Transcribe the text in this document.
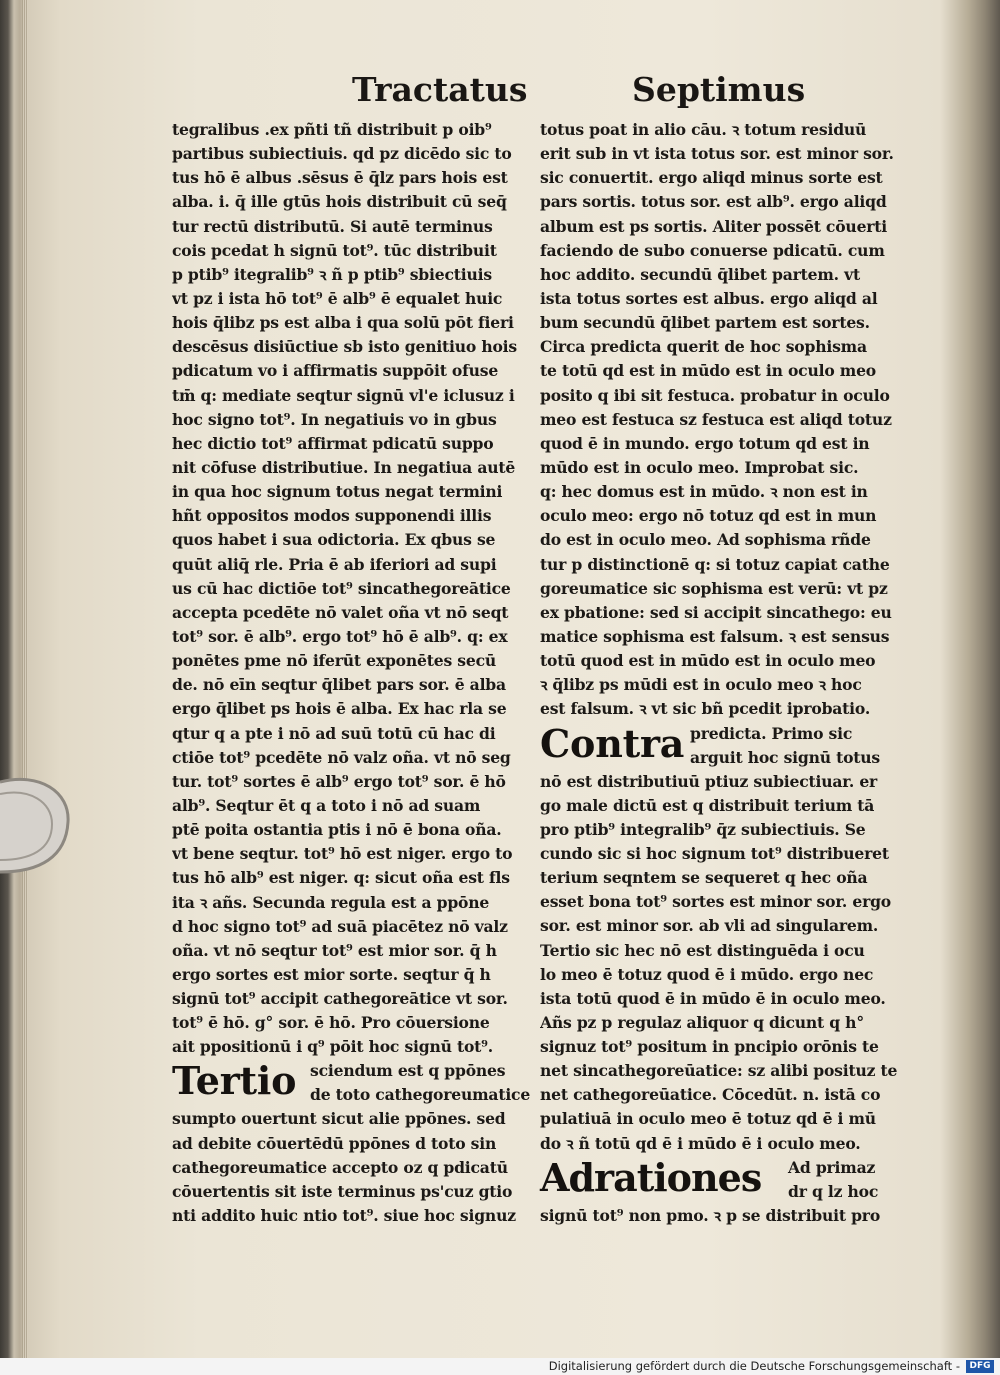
Tractatus	Septimus
tegralibus .ex pñti tñ distribuit p oib⁹
partibus subiectiuis. qd pz dicēdo sic to
tus hō ē albus .sēsus ē q̄lz pars hois est
alba. i. q̄ ille gtūs hois distribuit cū seq̄
tur rectū distributū. Si autē terminus
cois pcedat h signū tot⁹. tūc distribuit
p ptib⁹ itegralib⁹ ꝛ ñ p ptib⁹ sbiectiuis
vt pz i ista hō tot⁹ ē alb⁹ ē equalet huic
hois q̄libz ps est alba i qua solū pōt fieri
descēsus disiūctiue sb isto genitiuo hois
pdicatum vo i affirmatis suppōit ofuse
tm̄ q: mediate seqtur signū vl'e iclusuz i
hoc signo tot⁹. In negatiuis vo in gbus
hec dictio tot⁹ affirmat pdicatū suppo
nit cōfuse distributiue. In negatiua autē
in qua hoc signum totus negat termini
hñt oppositos modos supponendi illis
quos habet i sua odictoria. Ex qbus se
quūt aliq̄ rle. Pria ē ab iferiori ad supi
us cū hac dictiōe tot⁹ sincathegoreātice
accepta pcedēte nō valet oña vt nō seqt
tot⁹ sor. ē alb⁹. ergo tot⁹ hō ē alb⁹. q: ex
ponētes pme nō iferūt exponētes secū
de. nō eīn seqtur q̄libet pars sor. ē alba
ergo q̄libet ps hois ē alba. Ex hac rla se
qtur q a pte i nō ad suū totū cū hac di
ctiōe tot⁹ pcedēte nō valz oña. vt nō seg
tur. tot⁹ sortes ē alb⁹ ergo tot⁹ sor. ē hō
alb⁹. Seqtur ēt q a toto i nō ad suam
ptē poita ostantia ptis i nō ē bona oña.
vt bene seqtur. tot⁹ hō est niger. ergo to
tus hō alb⁹ est niger. q: sicut oña est fls
ita ꝛ añs. Secunda regula est a ppōne
d hoc signo tot⁹ ad suā piacētez nō valz
oña. vt nō seqtur tot⁹ est mior sor. q̄ h
ergo sortes est mior sorte. seqtur q̄ h
signū tot⁹ accipit cathegoreātice vt sor.
tot⁹ ē hō. g° sor. ē hō. Pro cōuersione
ait ppositionū i q⁹ pōit hoc signū tot⁹.
Tertio sciendum est q ppōnes
de toto cathegoreumatice
sumpto ouertunt sicut alie ppōnes. sed
ad debite cōuertēdū ppōnes d toto sin
cathegoreumatice accepto oz q pdicatū
cōuertentis sit iste terminus ps'cuz gtio
nti addito huic ntio tot⁹. siue hoc signuz
totus poat in alio cāu. ꝛ totum residuū
erit sub in vt ista totus sor. est minor sor.
sic conuertit. ergo aliqd minus sorte est
pars sortis. totus sor. est alb⁹. ergo aliqd
album est ps sortis. Aliter possēt cōuerti
faciendo de subo conuerse pdicatū. cum
hoc addito. secundū q̄libet partem. vt
ista totus sortes est albus. ergo aliqd al
bum secundū q̄libet partem est sortes.
Circa predicta querit de hoc sophisma
te totū qd est in mūdo est in oculo meo
posito q ibi sit festuca. probatur in oculo
meo est festuca sz festuca est aliqd totuz
quod ē in mundo. ergo totum qd est in
mūdo est in oculo meo. Improbat sic.
q: hec domus est in mūdo. ꝛ non est in
oculo meo: ergo nō totuz qd est in mun
do est in oculo meo. Ad sophisma rñde
tur p distinctionē q: si totuz capiat cathe
goreumatice sic sophisma est verū: vt pz
ex pbatione: sed si accipit sincathego: eu
matice sophisma est falsum. ꝛ est sensus
totū quod est in mūdo est in oculo meo
ꝛ q̄libz ps mūdi est in oculo meo ꝛ hoc
est falsum. ꝛ vt sic bñ pcedit iprobatio.
Contra predicta. Primo sic
arguit hoc signū totus
nō est distributiuū ptiuz subiectiuar. er
go male dictū est q distribuit terium tā
pro ptib⁹ integralib⁹ q̄z subiectiuis. Se
cundo sic si hoc signum tot⁹ distribueret
terium seqntem se sequeret q hec oña
esset bona tot⁹ sortes est minor sor. ergo
sor. est minor sor. ab vli ad singularem.
Tertio sic hec nō est distinguēda i ocu
lo meo ē totuz quod ē i mūdo. ergo nec
ista totū quod ē in mūdo ē in oculo meo.
Añs pz p regulaz aliquor q dicunt q h°
signuz tot⁹ positum in pncipio orōnis te
net sincathegoreūatice: sz alibi posituz te
net cathegoreūatice. Cōcedūt. n. istā co
pulatiuā in oculo meo ē totuz qd ē i mū
do ꝛ ñ totū qd ē i mūdo ē i oculo meo.
Adrationes Ad primaz
dr q lz hoc
signū tot⁹ non pmo. ꝛ p se distribuit pro
Digitalisierung gefördert durch die Deutsche Forschungsgemeinschaft -	DFG
